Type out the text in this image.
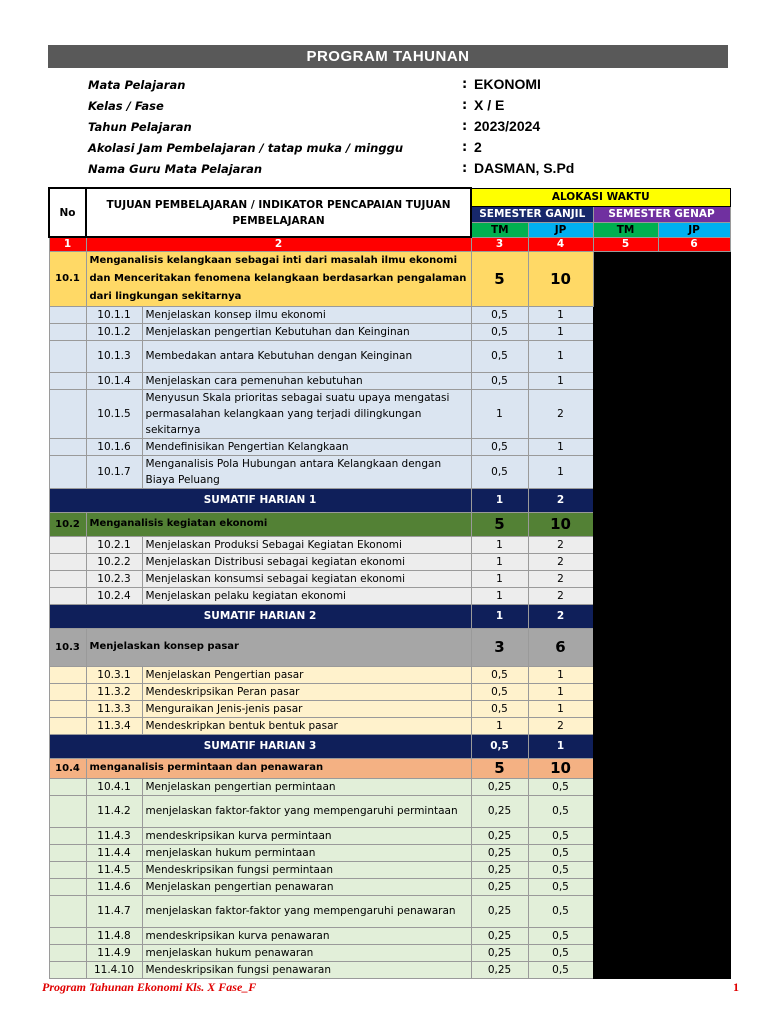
PROGRAM TAHUNAN
Mata Pelajaran	: EKONOMI
Kelas / Fase	: X / E
Tahun Pelajaran	: 2023/2024
Akolasi Jam Pembelajaran / tatap muka / minggu	: 2
Nama Guru Mata Pelajaran	: DASMAN, S.Pd
No	TUJUAN PEMBELAJARAN / INDIKATOR PENCAPAIAN TUJUAN PEMBELAJARAN		ALOKASI WAKTU			
			SEMESTER GANJIL		SEMESTER GENAP	
			TM	JP	TM	JP
1	2		3	4	5	6
10.1	Menganalisis kelangkaan sebagai inti dari masalah ilmu ekonomi dan Menceritakan fenomena kelangkaan berdasarkan pengalaman dari lingkungan sekitarnya		5	10		
	10.1.1	Menjelaskan konsep ilmu ekonomi	0,5	1		
	10.1.2	Menjelaskan pengertian Kebutuhan dan Keinginan	0,5	1		
	10.1.3	Membedakan antara Kebutuhan dengan Keinginan	0,5	1		
	10.1.4	Menjelaskan cara pemenuhan kebutuhan	0,5	1		
	10.1.5	Menyusun Skala prioritas sebagai suatu upaya mengatasi permasalahan kelangkaan yang terjadi dilingkungan sekitarnya	1	2		
	10.1.6	Mendefinisikan Pengertian Kelangkaan	0,5	1		
	10.1.7	Menganalisis Pola Hubungan antara Kelangkaan dengan Biaya Peluang	0,5	1		
SUMATIF HARIAN 1			1	2		
10.2	Menganalisis kegiatan ekonomi		5	10		
	10.2.1	Menjelaskan Produksi Sebagai Kegiatan Ekonomi	1	2		
	10.2.2	Menjelaskan Distribusi sebagai kegiatan ekonomi	1	2		
	10.2.3	Menjelaskan konsumsi sebagai kegiatan ekonomi	1	2		
	10.2.4	Menjelaskan pelaku kegiatan ekonomi	1	2		
SUMATIF HARIAN 2			1	2		
10.3	Menjelaskan konsep pasar		3	6		
	10.3.1	Menjelaskan Pengertian pasar	0,5	1		
	11.3.2	Mendeskripsikan Peran pasar	0,5	1		
	11.3.3	Menguraikan Jenis-jenis pasar	0,5	1		
	11.3.4	Mendeskripkan bentuk bentuk pasar	1	2		
SUMATIF HARIAN 3			0,5	1		
10.4	menganalisis permintaan dan penawaran		5	10		
	10.4.1	Menjelaskan pengertian permintaan	0,25	0,5		
	11.4.2	menjelaskan faktor-faktor yang mempengaruhi permintaan	0,25	0,5		
	11.4.3	mendeskripsikan kurva permintaan	0,25	0,5		
	11.4.4	menjelaskan hukum permintaan	0,25	0,5		
	11.4.5	Mendeskripsikan fungsi permintaan	0,25	0,5		
	11.4.6	Menjelaskan pengertian penawaran	0,25	0,5		
	11.4.7	menjelaskan faktor-faktor yang mempengaruhi penawaran	0,25	0,5		
	11.4.8	mendeskripsikan kurva penawaran	0,25	0,5		
	11.4.9	menjelaskan hukum penawaran	0,25	0,5		
	11.4.10	Mendeskripsikan fungsi penawaran	0,25	0,5		
Program Tahunan Ekonomi Kls. X Fase_F	1
